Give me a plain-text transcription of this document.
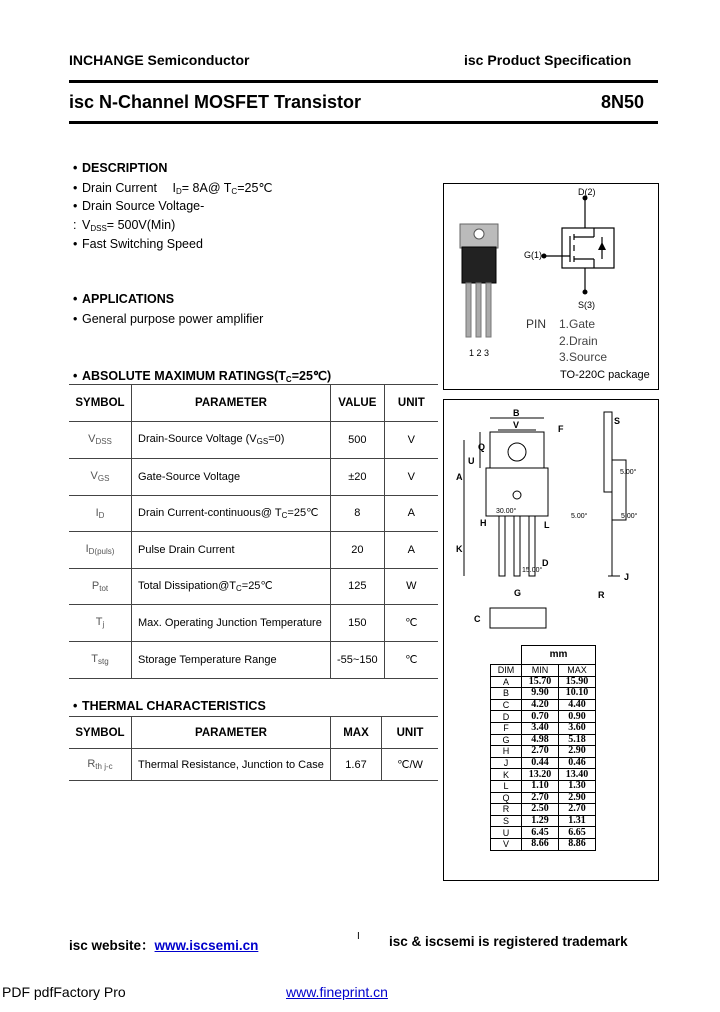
INCHANGE Semiconductor	isc Product Specification
isc N-Channel MOSFET Transistor	8N50
• DESCRIPTION
• Drain Current $I_D=$ 8A@ $T_C=25℃$
• Drain Source Voltage-
: $V_{DSS}= 500V(Min)$
• Fast Switching Speed
• APPLICATIONS
• General purpose power amplifier
D(2)
G(1)
S(3)
1 2 3
PIN 1.Gate
2.Drain
3.Source
TO-220C package
• ABSOLUTE MAXIMUM $RATINGS(T_C=25℃)$
SYMBOL	PARAMETER	VALUE	UNIT
$V_{DSS}$	Drain-Source Voltage $(V_{GS}=0)$	500	V
$V_{GS}$	Gate-Source Voltage	±20	V
$I_D$	Drain Current-continuous@ $T_C=25℃$	8	A
$I_{D(puls)}$	Pulse Drain Current	20	A
$P_{tot}$	Total $Dissipation@T_C=25℃$	125	W
$T_j$	Max. Operating Junction Temperature	150	℃
$T_{stg}$	Storage Temperature Range	-55~150	℃
• THERMAL CHARACTERISTICS
SYMBOL	PARAMETER	MAX	UNIT
$R_{th j-c}$	Thermal Resistance, Junction to Case	1.67	℃/W
B
V
Q
U
A
F
H	L
K
D
G
C
S
J
R
30.00°
15.00°
5.00°
5.00°	5.00°
	mm	
DIM	MIN	MAX
A	15.70	15.90
B	9.90	10.10
C	4.20	4.40
D	0.70	0.90
F	3.40	3.60
G	4.98	5.18
H	2.70	2.90
J	0.44	0.46
K	13.20	13.40
L	1.10	1.30
Q	2.70	2.90
R	2.50	2.70
S	1.29	1.31
U	6.45	6.65
V	8.66	8.86
isc website：www.iscsemi.cn
I isc & iscsemi is registered trademark
PDF pdfFactory Pro	www.fineprint.cn
